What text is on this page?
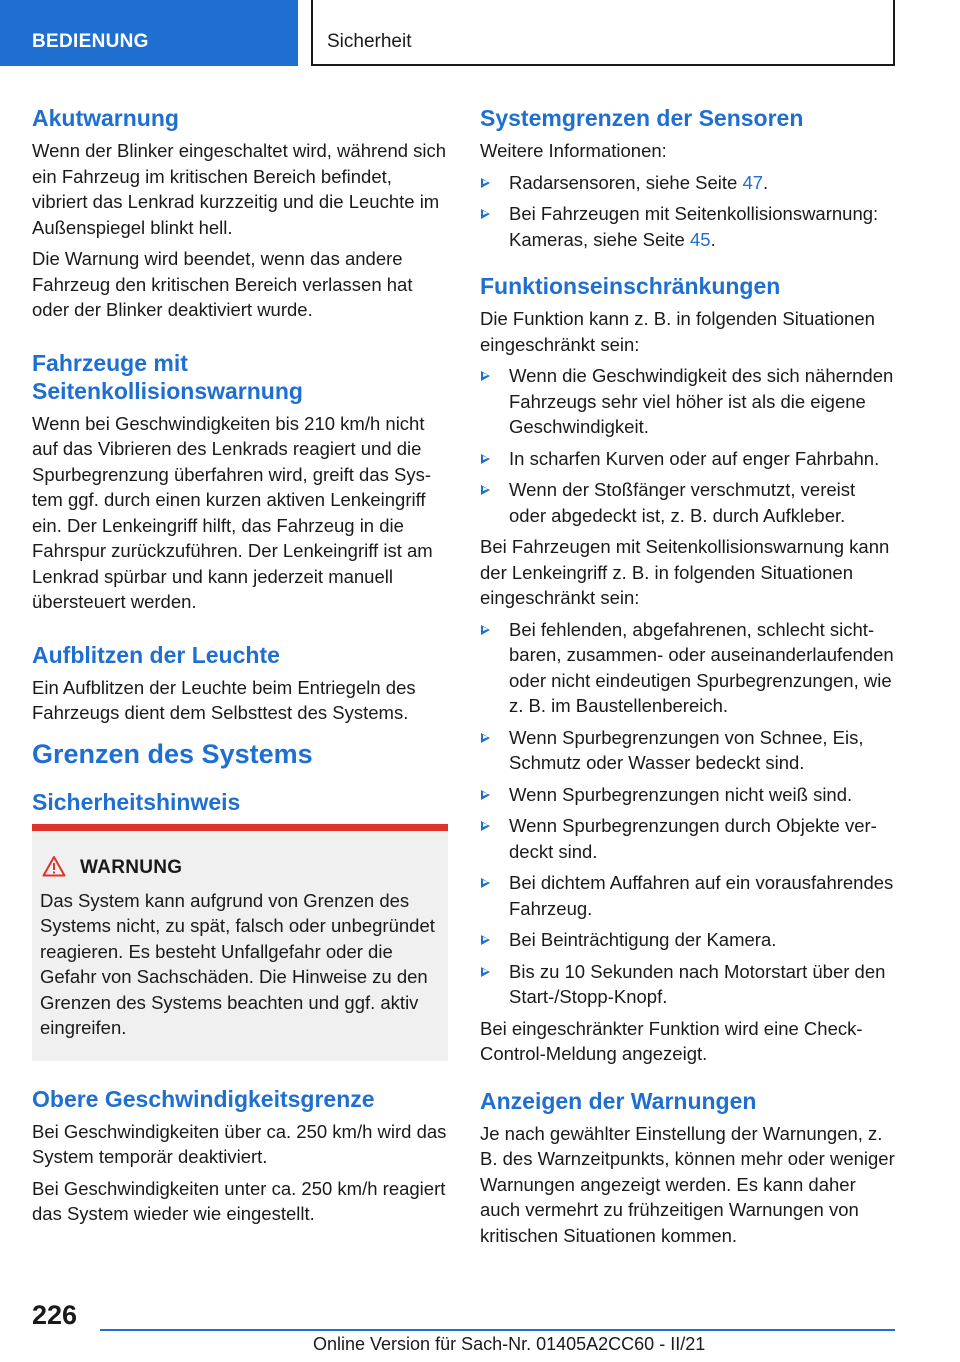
BEDIENUNG	Sicherheit
Akutwarnung

Wenn der Blinker eingeschaltet wird, während sich ein Fahrzeug im kritischen Bereich befindet, vibriert das Lenkrad kurzzeitig und die Leuchte im Außenspiegel blinkt hell.

Die Warnung wird beendet, wenn das andere Fahrzeug den kritischen Bereich verlassen hat oder der Blinker deaktiviert wurde.

Fahrzeuge mit Seitenkollisionswarnung

Wenn bei Geschwindigkeiten bis 210 km/h nicht auf das Vibrieren des Lenkrads reagiert und die Spurbegrenzung überfahren wird, greift das System ggf. durch einen kurzen aktiven Lenkeingriff ein. Der Lenkeingriff hilft, das Fahrzeug in die Fahrspur zurückzuführen. Der Lenkeingriff ist am Lenkrad spürbar und kann jederzeit manuell übersteuert werden.

Aufblitzen der Leuchte

Ein Aufblitzen der Leuchte beim Entriegeln des Fahrzeugs dient dem Selbsttest des Systems.

Grenzen des Systems
Sicherheitshinweis
WARNUNG

Das System kann aufgrund von Grenzen des Systems nicht, zu spät, falsch oder unbegründet reagieren. Es besteht Unfallgefahr oder die Gefahr von Sachschäden. Die Hinweise zu den Grenzen des Systems beachten und ggf. aktiv eingreifen.

Obere Geschwindigkeitsgrenze

Bei Geschwindigkeiten über ca. 250 km/h wird das System temporär deaktiviert.

Bei Geschwindigkeiten unter ca. 250 km/h reagiert das System wieder wie eingestellt.

Systemgrenzen der Sensoren

Weitere Informationen:

Radarsensoren, siehe Seite 47.
Bei Fahrzeugen mit Seitenkollisionswarnung: Kameras, siehe Seite 45.
Funktionseinschränkungen

Die Funktion kann z. B. in folgenden Situationen eingeschränkt sein:

Wenn die Geschwindigkeit des sich nähernden Fahrzeugs sehr viel höher ist als die eigene Geschwindigkeit.
In scharfen Kurven oder auf enger Fahrbahn.
Wenn der Stoßfänger verschmutzt, vereist oder abgedeckt ist, z. B. durch Aufkleber.

Bei Fahrzeugen mit Seitenkollisionswarnung kann der Lenkeingriff z. B. in folgenden Situationen eingeschränkt sein:

Bei fehlenden, abgefahrenen, schlecht sichtbaren, zusammen- oder auseinanderlaufenden oder nicht eindeutigen Spurbegrenzungen, wie z. B. im Baustellenbereich.
Wenn Spurbegrenzungen von Schnee, Eis, Schmutz oder Wasser bedeckt sind.
Wenn Spurbegrenzungen nicht weiß sind.
Wenn Spurbegrenzungen durch Objekte verdeckt sind.
Bei dichtem Auffahren auf ein vorausfahrendes Fahrzeug.
Bei Beinträchtigung der Kamera.
Bis zu 10 Sekunden nach Motorstart über den Start-/Stopp-Knopf.

Bei eingeschränkter Funktion wird eine Check-Control-Meldung angezeigt.

Anzeigen der Warnungen

Je nach gewählter Einstellung der Warnungen, z. B. des Warnzeitpunkts, können mehr oder weniger Warnungen angezeigt werden. Es kann daher auch vermehrt zu frühzeitigen Warnungen von kritischen Situationen kommen.

226
Online Version für Sach-Nr. 01405A2CC60 - II/21
